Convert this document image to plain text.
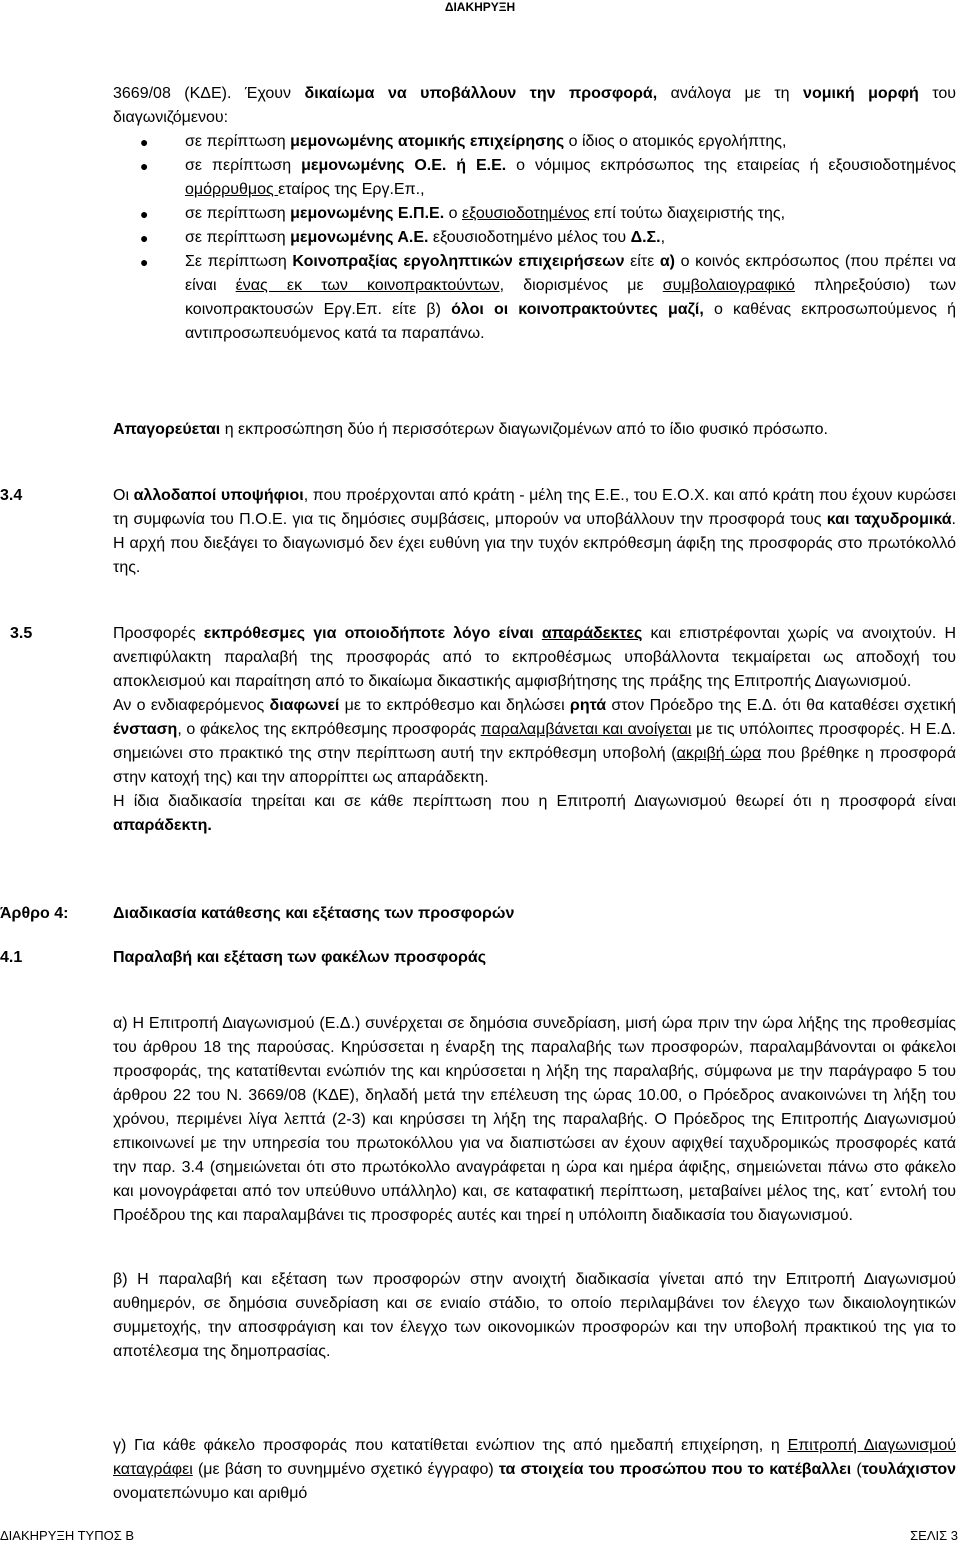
ΔΙΑΚΗΡΥΞΗ
3669/08 (ΚΔΕ). Έχουν δικαίωμα να υποβάλλουν την προσφορά, ανάλογα με τη νομική μορφή του διαγωνιζόμενου:
● σε περίπτωση μεμονωμένης ατομικής επιχείρησης ο ίδιος ο ατομικός εργολήπτης,
● σε περίπτωση μεμονωμένης Ο.Ε. ή Ε.Ε. ο νόμιμος εκπρόσωπος της εταιρείας ή εξουσιοδοτημένος ομόρρυθμος εταίρος της Εργ.Επ.,
● σε περίπτωση μεμονωμένης Ε.Π.Ε. ο εξουσιοδοτημένος επί τούτω διαχειριστής της,
● σε περίπτωση μεμονωμένης Α.Ε. εξουσιοδοτημένο μέλος του Δ.Σ.,
● Σε περίπτωση Κοινοπραξίας εργοληπτικών επιχειρήσεων είτε α) ο κοινός εκπρόσωπος (που πρέπει να είναι ένας εκ των κοινοπρακτούντων, διορισμένος με συμβολαιογραφικό πληρεξούσιο) των κοινοπρακτουσών Εργ.Επ. είτε β) όλοι οι κοινοπρακτούντες μαζί, ο καθένας εκπροσωπούμενος ή αντιπροσωπευόμενος κατά τα παραπάνω.
Απαγορεύεται η εκπροσώπηση δύο ή περισσότερων διαγωνιζομένων από το ίδιο φυσικό πρόσωπο.
3.4	Οι αλλοδαποί υποψήφιοι, που προέρχονται από κράτη - μέλη της Ε.Ε., του Ε.Ο.Χ. και από κράτη που έχουν κυρώσει τη συμφωνία του Π.Ο.Ε. για τις δημόσιες συμβάσεις, μπορούν να υποβάλλουν την προσφορά τους και ταχυδρομικά. Η αρχή που διεξάγει το διαγωνισμό δεν έχει ευθύνη για την τυχόν εκπρόθεσμη άφιξη της προσφοράς στο πρωτόκολλό της.
3.5	Προσφορές εκπρόθεσμες για οποιοδήποτε λόγο είναι απαράδεκτες και επιστρέφονται χωρίς να ανοιχτούν. Η ανεπιφύλακτη παραλαβή της προσφοράς από το εκπροθέσμως υποβάλλοντα τεκμαίρεται ως αποδοχή του αποκλεισμού και παραίτηση από το δικαίωμα δικαστικής αμφισβήτησης της πράξης της Επιτροπής Διαγωνισμού.
Αν ο ενδιαφερόμενος διαφωνεί με το εκπρόθεσμο και δηλώσει ρητά στον Πρόεδρο της Ε.Δ. ότι θα καταθέσει σχετική ένσταση, ο φάκελος της εκπρόθεσμης προσφοράς παραλαμβάνεται και ανοίγεται με τις υπόλοιπες προσφορές. Η Ε.Δ. σημειώνει στο πρακτικό της στην περίπτωση αυτή την εκπρόθεσμη υποβολή (ακριβή ώρα που βρέθηκε η προσφορά στην κατοχή της) και την απορρίπτει ως απαράδεκτη.
Η ίδια διαδικασία τηρείται και σε κάθε περίπτωση που η Επιτροπή Διαγωνισμού θεωρεί ότι η προσφορά είναι απαράδεκτη.
Άρθρο 4:	Διαδικασία κατάθεσης και εξέτασης των προσφορών
4.1	Παραλαβή και εξέταση των φακέλων προσφοράς
α) Η Επιτροπή Διαγωνισμού (Ε.Δ.) συνέρχεται σε δημόσια συνεδρίαση, μισή ώρα πριν την ώρα λήξης της προθεσμίας του άρθρου 18 της παρούσας. Κηρύσσεται η έναρξη της παραλαβής των προσφορών, παραλαμβάνονται οι φάκελοι προσφοράς, της κατατίθενται ενώπιόν της και κηρύσσεται η λήξη της παραλαβής, σύμφωνα με την παράγραφο 5 του άρθρου 22 του Ν. 3669/08 (ΚΔΕ), δηλαδή μετά την επέλευση της ώρας 10.00, ο Πρόεδρος ανακοινώνει τη λήξη του χρόνου, περιμένει λίγα λεπτά (2-3) και κηρύσσει τη λήξη της παραλαβής. Ο Πρόεδρος της Επιτροπής Διαγωνισμού επικοινωνεί με την υπηρεσία του πρωτοκόλλου για να διαπιστώσει αν έχουν αφιχθεί ταχυδρομικώς προσφορές κατά την παρ. 3.4 (σημειώνεται ότι στο πρωτόκολλο αναγράφεται η ώρα και ημέρα άφιξης, σημειώνεται πάνω στο φάκελο και μονογράφεται από τον υπεύθυνο υπάλληλο) και, σε καταφατική περίπτωση, μεταβαίνει μέλος της, κατ΄ εντολή του Προέδρου της και παραλαμβάνει τις προσφορές αυτές και τηρεί η υπόλοιπη διαδικασία του διαγωνισμού.
β) Η παραλαβή και εξέταση των προσφορών στην ανοιχτή διαδικασία γίνεται από την Επιτροπή Διαγωνισμού αυθημερόν, σε δημόσια συνεδρίαση και σε ενιαίο στάδιο, το οποίο περιλαμβάνει τον έλεγχο των δικαιολογητικών συμμετοχής, την αποσφράγιση και τον έλεγχο των οικονομικών προσφορών και την υποβολή πρακτικού της για το αποτέλεσμα της δημοπρασίας.
γ) Για κάθε φάκελο προσφοράς που κατατίθεται ενώπιον της από ημεδαπή επιχείρηση, η Επιτροπή Διαγωνισμού καταγράφει (με βάση το συνημμένο σχετικό έγγραφο) τα στοιχεία του προσώπου που το κατέβαλλει (τουλάχιστον ονοματεπώνυμο και αριθμό
ΔΙΑΚΗΡΥΞΗ ΤΥΠΟΣ Β	ΣΕΛΙΣ 3
